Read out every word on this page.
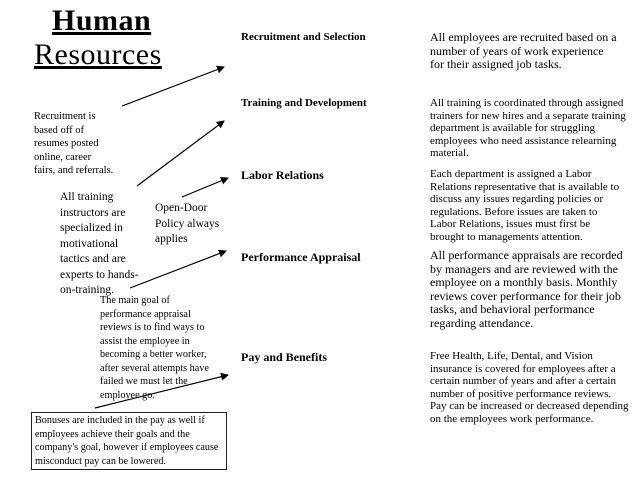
Human
Resources
Recruitment is based off of resumes posted online, career fairs, and referrals.
All training instructors are specialized in motivational tactics and are experts to hands-on-training.
Open-Door Policy always applies
The main goal of performance appraisal reviews is to find ways to assist the employee in becoming a better worker, after several attempts have failed we must let the employee go.
Bonuses are included in the pay as well if employees achieve their goals and the company's goal, however if employees cause misconduct pay can be lowered.
Recruitment and Selection
Training and Development
Labor Relations
Performance Appraisal
Pay and Benefits
All employees are recruited based on a number of years of work experience for their assigned job tasks.
All training is coordinated through assigned trainers for new hires and a separate training department is available for struggling employees who need assistance relearning material.
Each department is assigned a Labor Relations representative that is available to discuss any issues regarding policies or regulations. Before issues are taken to Labor Relations, issues must first be brought to managements attention.
All performance appraisals are recorded by managers and are reviewed with the employee on a monthly basis. Monthly reviews cover performance for their job tasks, and behavioral performance regarding attendance.
Free Health, Life, Dental, and Vision insurance is covered for employees after a certain number of years and after a certain number of positive performance reviews. Pay can be increased or decreased depending on the employees work performance.
